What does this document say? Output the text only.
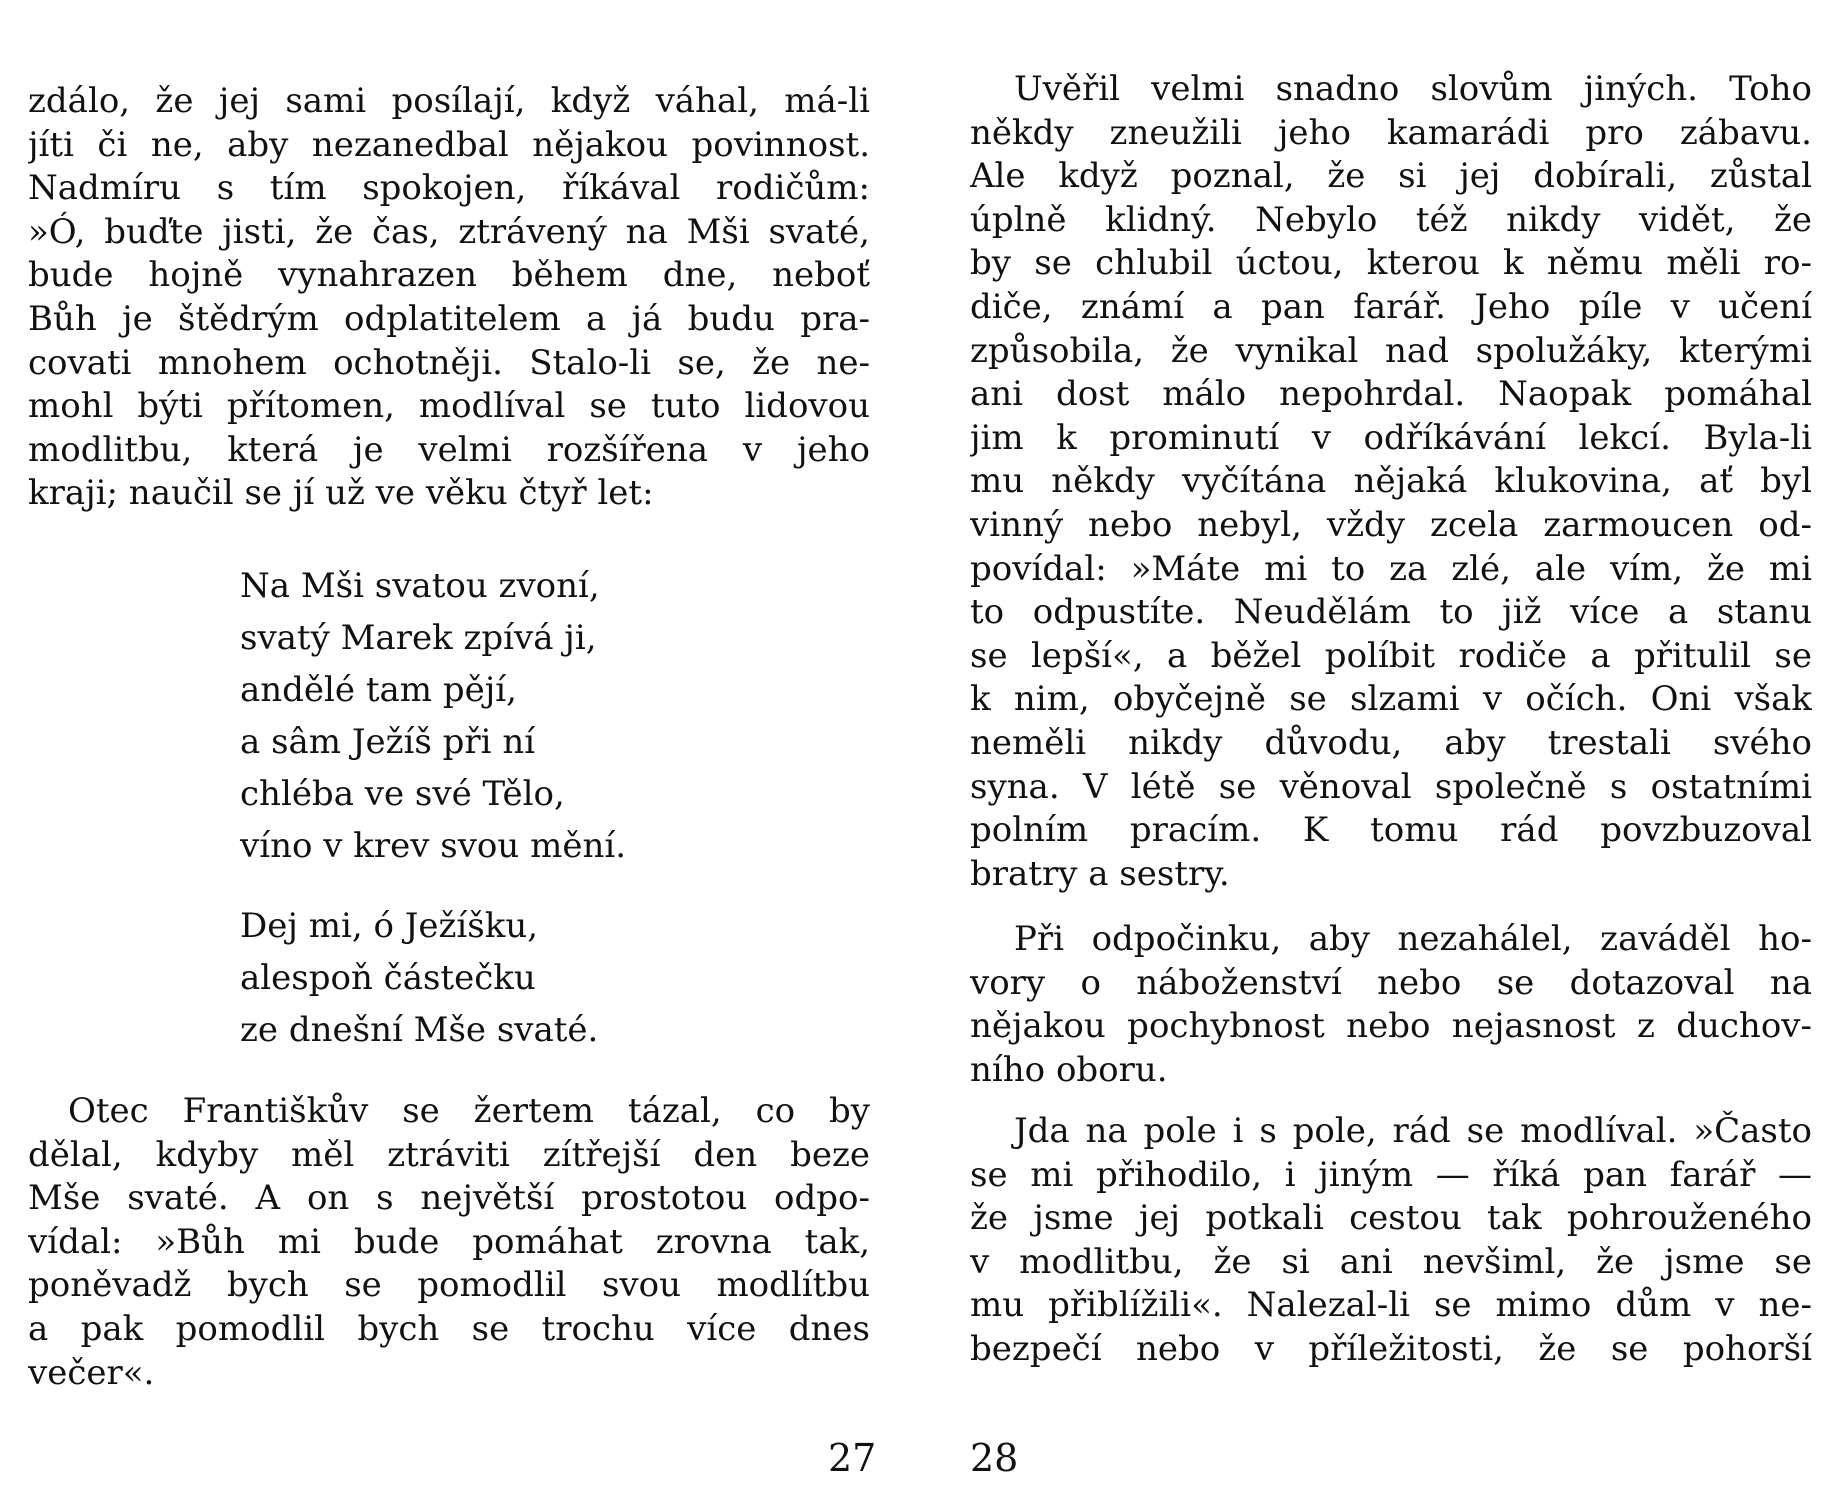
zdálo, že jej sami posílají, když váhal, má-li
jíti či ne, aby nezanedbal nějakou povinnost.
Nadmíru s tím spokojen, říkával rodičům:
»Ó, buďte jisti, že čas, ztrávený na Mši svaté,
bude hojně vynahrazen během dne, neboť
Bůh je štědrým odplatitelem a já budu pra-
covati mnohem ochotněji. Stalo-li se, že ne-
mohl býti přítomen, modlíval se tuto lidovou
modlitbu, která je velmi rozšířena v jeho
kraji; naučil se jí už ve věku čtyř let:

Na Mši svatou zvoní,
svatý Marek zpívá ji,
andělé tam pějí,
a sâm Ježíš při ní
chléba ve své Tělo,
víno v krev svou mění.
Dej mi, ó Ježíšku,
alespoň částečku
ze dnešní Mše svaté.

Otec Františkův se žertem tázal, co by
dělal, kdyby měl ztráviti zítřejší den beze
Mše svaté. A on s největší prostotou odpo-
vídal: »Bůh mi bude pomáhat zrovna tak,
poněvadž bych se pomodlil svou modlítbu
a pak pomodlil bych se trochu více dnes
večer«.

27

Uvěřil velmi snadno slovům jiných. Toho
někdy zneužili jeho kamarádi pro zábavu.
Ale když poznal, že si jej dobírali, zůstal
úplně klidný. Nebylo též nikdy vidět, že
by se chlubil úctou, kterou k němu měli ro-
diče, známí a pan farář. Jeho píle v učení
způsobila, že vynikal nad spolužáky, kterými
ani dost málo nepohrdal. Naopak pomáhal
jim k prominutí v odříkávání lekcí. Byla-li
mu někdy vyčítána nějaká klukovina, ať byl
vinný nebo nebyl, vždy zcela zarmoucen od-
povídal: »Máte mi to za zlé, ale vím, že mi
to odpustíte. Neudělám to již více a stanu
se lepší«, a běžel políbit rodiče a přitulil se
k nim, obyčejně se slzami v očích. Oni však
neměli nikdy důvodu, aby trestali svého
syna. V létě se věnoval společně s ostatními
polním pracím. K tomu rád povzbuzoval
bratry a sestry.

Při odpočinku, aby nezahálel, zaváděl ho-
vory o náboženství nebo se dotazoval na
nějakou pochybnost nebo nejasnost z duchov-
ního oboru.

Jda na pole i s pole, rád se modlíval. »Často
se mi přihodilo, i jiným — říká pan farář —
že jsme jej potkali cestou tak pohrouženého
v modlitbu, že si ani nevšiml, že jsme se
mu přiblížili«. Nalezal-li se mimo dům v ne-
bezpečí nebo v příležitosti, že se pohorší

28
